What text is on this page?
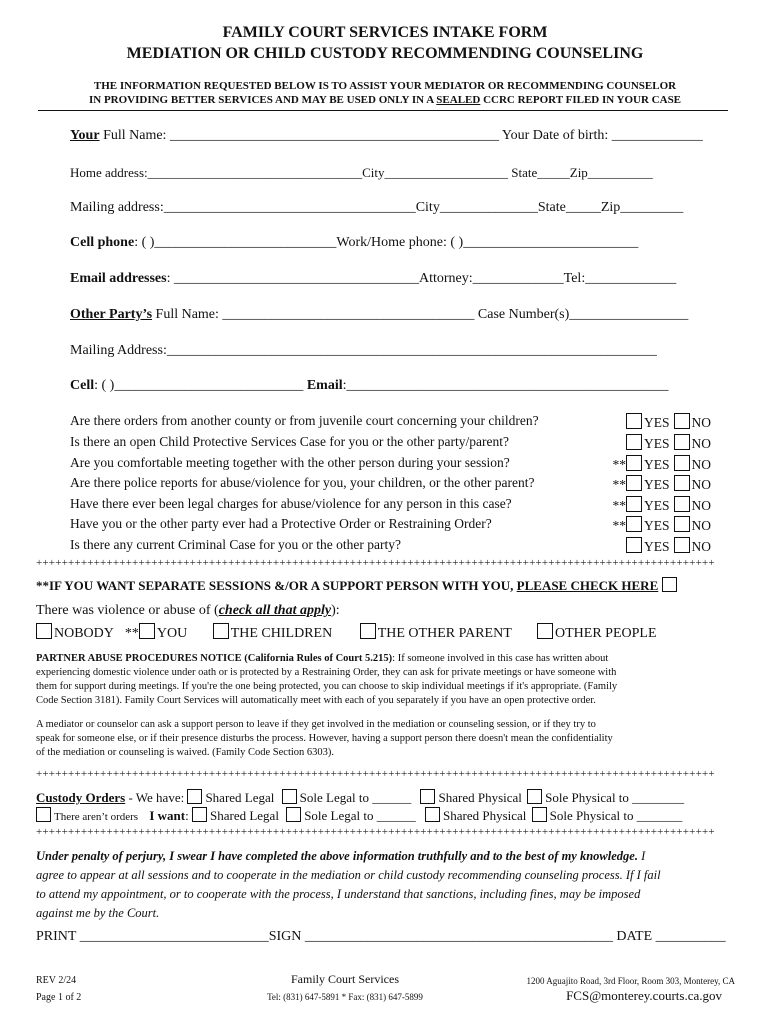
FAMILY COURT SERVICES INTAKE FORM
MEDIATION OR CHILD CUSTODY RECOMMENDING COUNSELING
THE INFORMATION REQUESTED BELOW IS TO ASSIST YOUR MEDIATOR OR RECOMMENDING COUNSELOR
IN PROVIDING BETTER SERVICES AND MAY BE USED ONLY IN A SEALED CCRC REPORT FILED IN YOUR CASE
Your Full Name: _______________________________________________ Your Date of birth: _____________
Home address:_________________________________City___________________ State_____Zip__________
Mailing address:____________________________________City______________State_____Zip_________
Cell phone: ( )__________________________Work/Home phone: ( )_________________________
Email addresses: ___________________________________Attorney:_____________Tel:_____________
Other Party’s Full Name: ____________________________________ Case Number(s)_________________
Mailing Address:______________________________________________________________________
Cell: ( )___________________________ Email:______________________________________________
Are there orders from another county or from juvenile court concerning your children?	YES NO
Is there an open Child Protective Services Case for you or the other party/parent?	YES NO
Are you comfortable meeting together with the other person during your session?	** YES NO
Are there police reports for abuse/violence for you, your children, or the other parent?	** YES NO
Have there ever been legal charges for abuse/violence for any person in this case?	** YES NO
Have you or the other party ever had a Protective Order or Restraining Order?	** YES NO
Is there any current Criminal Case for you or the other party?	YES NO
++++++++++++++++++++++++++++++++++++++++++++++++++++++++++++++++++++++++++++++++++++++++++++++++++++++++++
**IF YOU WANT SEPARATE SESSIONS &/OR A SUPPORT PERSON WITH YOU, PLEASE CHECK HERE
There was violence or abuse of (check all that apply):
NOBODY ** YOU	THE CHILDREN	THE OTHER PARENT	OTHER PEOPLE
PARTNER ABUSE PROCEDURES NOTICE (California Rules of Court 5.215): If someone involved in this case has written about
experiencing domestic violence under oath or is protected by a Restraining Order, they can ask for private meetings or have someone with
them for support during meetings. If you're the one being protected, you can choose to skip individual meetings if it's appropriate. (Family
Code Section 3181). Family Court Services will automatically meet with each of you separately if you have an open protective order.
A mediator or counselor can ask a support person to leave if they get involved in the mediation or counseling session, or if they try to
speak for someone else, or if their presence disturbs the process. However, having a support person there doesn't mean the confidentiality
of the mediation or counseling is waived. (Family Code Section 6303).
++++++++++++++++++++++++++++++++++++++++++++++++++++++++++++++++++++++++++++++++++++++++++++++++++++++++++
Custody Orders - We have: Shared Legal Sole Legal to ______ Shared Physical Sole Physical to ________
There aren’t orders I want: Shared Legal Sole Legal to ______ Shared Physical Sole Physical to _______
++++++++++++++++++++++++++++++++++++++++++++++++++++++++++++++++++++++++++++++++++++++++++++++++++++++++++
Under penalty of perjury, I swear I have completed the above information truthfully and to the best of my knowledge. I
agree to appear at all sessions and to cooperate in the mediation or child custody recommending counseling process. If I fail
to attend my appointment, or to cooperate with the process, I understand that sanctions, including fines, may be imposed
against me by the Court.
PRINT ___________________________SIGN ____________________________________________ DATE __________
REV 2/24
Page 1 of 2
Family Court Services
Tel: (831) 647-5891 * Fax: (831) 647-5899
1200 Aguajito Road, 3rd Floor, Room 303, Monterey, CA
FCS@monterey.courts.ca.gov
